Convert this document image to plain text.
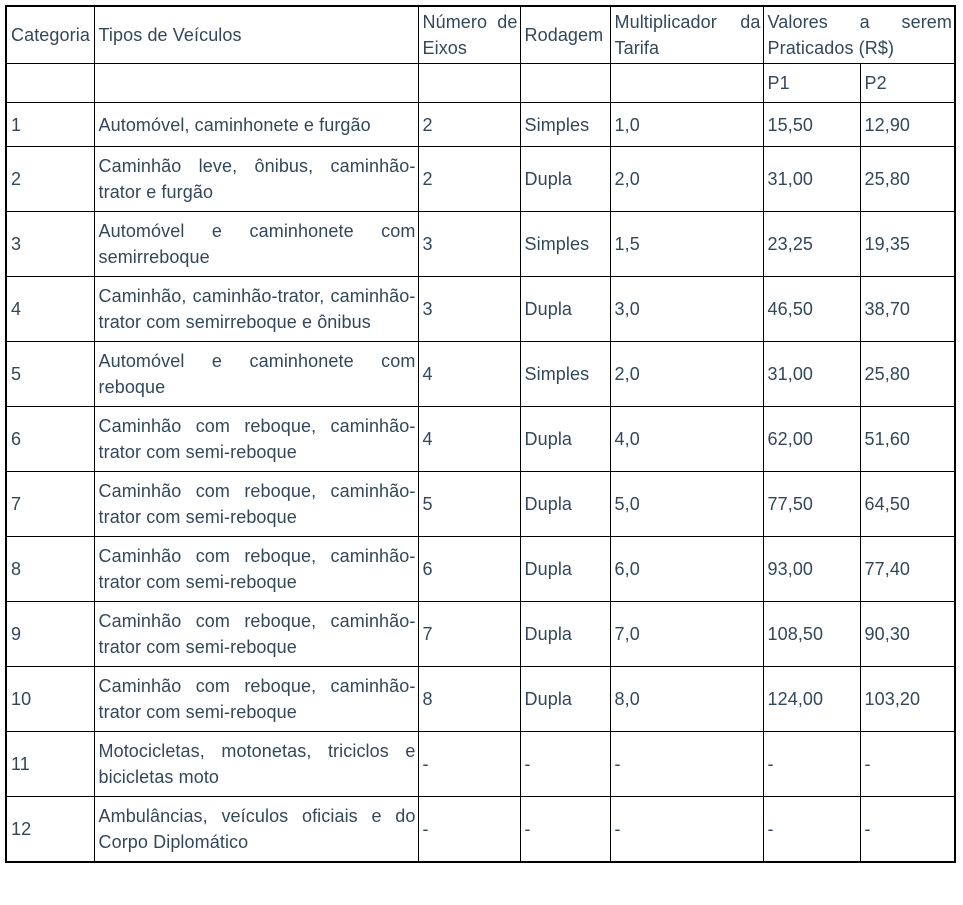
Categoria	Tipos de Veículos	Número de Eixos	Rodagem	Multiplicador da Tarifa	Valores a serem Praticados (R$)	
					P1	P2
1	Automóvel, caminhonete e furgão	2	Simples	1,0	15,50	12,90
2	Caminhão leve, ônibus, caminhão-trator e furgão	2	Dupla	2,0	31,00	25,80
3	Automóvel e caminhonete com semirreboque	3	Simples	1,5	23,25	19,35
4	Caminhão, caminhão-trator, caminhão-trator com semirreboque e ônibus	3	Dupla	3,0	46,50	38,70
5	Automóvel e caminhonete com reboque	4	Simples	2,0	31,00	25,80
6	Caminhão com reboque, caminhão-trator com semi-reboque	4	Dupla	4,0	62,00	51,60
7	Caminhão com reboque, caminhão-trator com semi-reboque	5	Dupla	5,0	77,50	64,50
8	Caminhão com reboque, caminhão-trator com semi-reboque	6	Dupla	6,0	93,00	77,40
9	Caminhão com reboque, caminhão-trator com semi-reboque	7	Dupla	7,0	108,50	90,30
10	Caminhão com reboque, caminhão-trator com semi-reboque	8	Dupla	8,0	124,00	103,20
11	Motocicletas, motonetas, triciclos e bicicletas moto	-	-	-	-	-
12	Ambulâncias, veículos oficiais e do Corpo Diplomático	-	-	-	-	-
